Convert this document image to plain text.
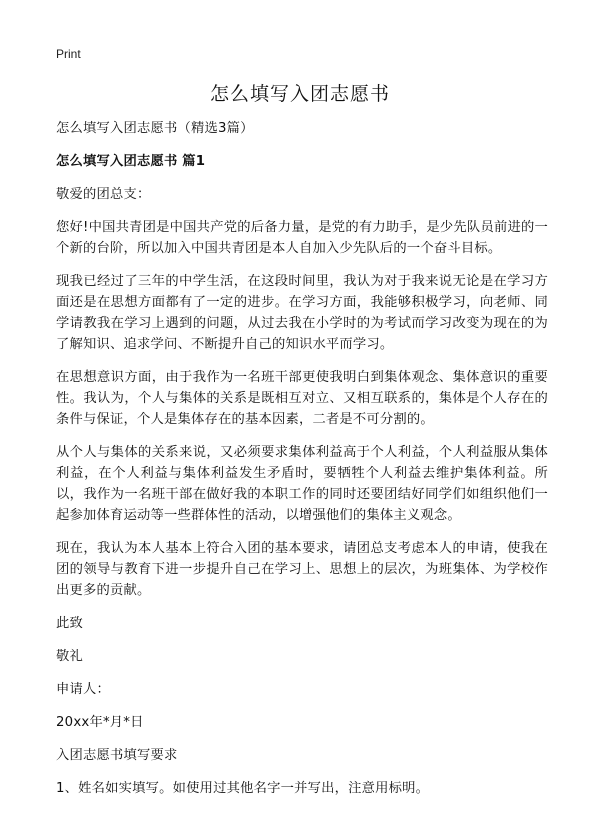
Print
怎么填写入团志愿书

怎么填写入团志愿书（精选3篇）

怎么填写入团志愿书 篇1

敬爱的团总支：

您好!中国共青团是中国共产党的后备力量，是党的有力助手，是少先队员前进的一个新的台阶，所以加入中国共青团是本人自加入少先队后的一个奋斗目标。

现我已经过了三年的中学生活，在这段时间里，我认为对于我来说无论是在学习方面还是在思想方面都有了一定的进步。在学习方面，我能够积极学习，向老师、同学请教我在学习上遇到的问题，从过去我在小学时的为考试而学习改变为现在的为了解知识、追求学问、不断提升自己的知识水平而学习。

在思想意识方面，由于我作为一名班干部更使我明白到集体观念、集体意识的重要性。我认为，个人与集体的关系是既相互对立、又相互联系的，集体是个人存在的条件与保证，个人是集体存在的基本因素，二者是不可分割的。

从个人与集体的关系来说，又必须要求集体利益高于个人利益，个人利益服从集体利益，在个人利益与集体利益发生矛盾时，要牺牲个人利益去维护集体利益。所以，我作为一名班干部在做好我的本职工作的同时还要团结好同学们如组织他们一起参加体育运动等一些群体性的活动，以增强他们的集体主义观念。

现在，我认为本人基本上符合入团的基本要求，请团总支考虑本人的申请，使我在团的领导与教育下进一步提升自己在学习上、思想上的层次，为班集体、为学校作出更多的贡献。

此致

敬礼

申请人：

20xx年*月*日

入团志愿书填写要求

1、姓名如实填写。如使用过其他名字一并写出，注意用标明。
